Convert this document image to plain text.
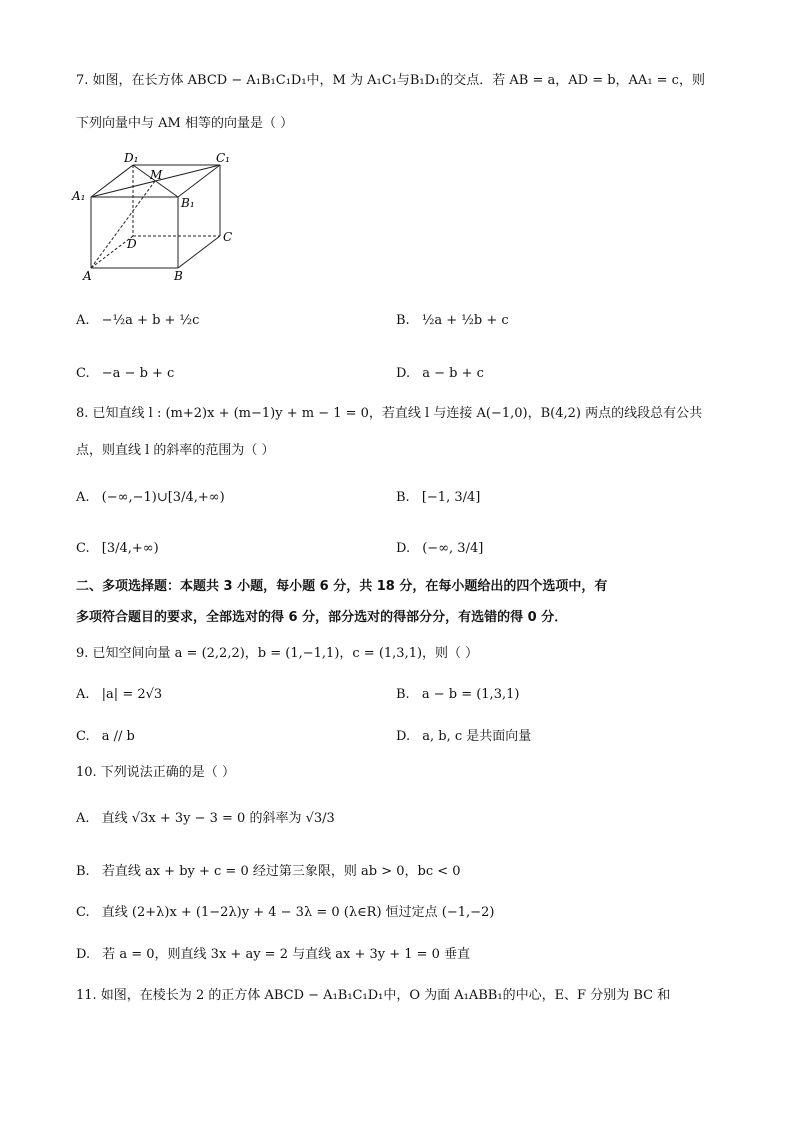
7. 如图，在长方体 ABCD − A₁B₁C₁D₁中，M 为 A₁C₁与B₁D₁的交点．若 AB = a，AD = b，AA₁ = c，则
下列向量中与 AM 相等的向量是（ ）
D₁	C₁
A₁
M
B₁
C
D
A	B
A. −½a + b + ½c	B. ½a + ½b + c
C. −a − b + c	D. a − b + c
8. 已知直线 l : (m+2)x + (m−1)y + m − 1 = 0，若直线 l 与连接 A(−1,0)，B(4,2) 两点的线段总有公共
点，则直线 l 的斜率的范围为（ ）
A. (−∞,−1)∪[3/4,+∞)	B. [−1, 3/4]
C. [3/4,+∞)	D. (−∞, 3/4]
二、多项选择题：本题共 3 小题，每小题 6 分，共 18 分，在每小题给出的四个选项中，有
多项符合题目的要求，全部选对的得 6 分，部分选对的得部分分，有选错的得 0 分．
9. 已知空间向量 a = (2,2,2)，b = (1,−1,1)，c = (1,3,1)，则（ ）
A. |a| = 2√3	B. a − b = (1,3,1)
C. a // b	D. a, b, c 是共面向量
10. 下列说法正确的是（ ）
A. 直线 √3x + 3y − 3 = 0 的斜率为 √3/3
B. 若直线 ax + by + c = 0 经过第三象限，则 ab > 0，bc < 0
C. 直线 (2+λ)x + (1−2λ)y + 4 − 3λ = 0 (λ∈R) 恒过定点 (−1,−2)
D. 若 a = 0，则直线 3x + ay = 2 与直线 ax + 3y + 1 = 0 垂直
11. 如图，在棱长为 2 的正方体 ABCD − A₁B₁C₁D₁中，O 为面 A₁ABB₁的中心，E、F 分别为 BC 和
